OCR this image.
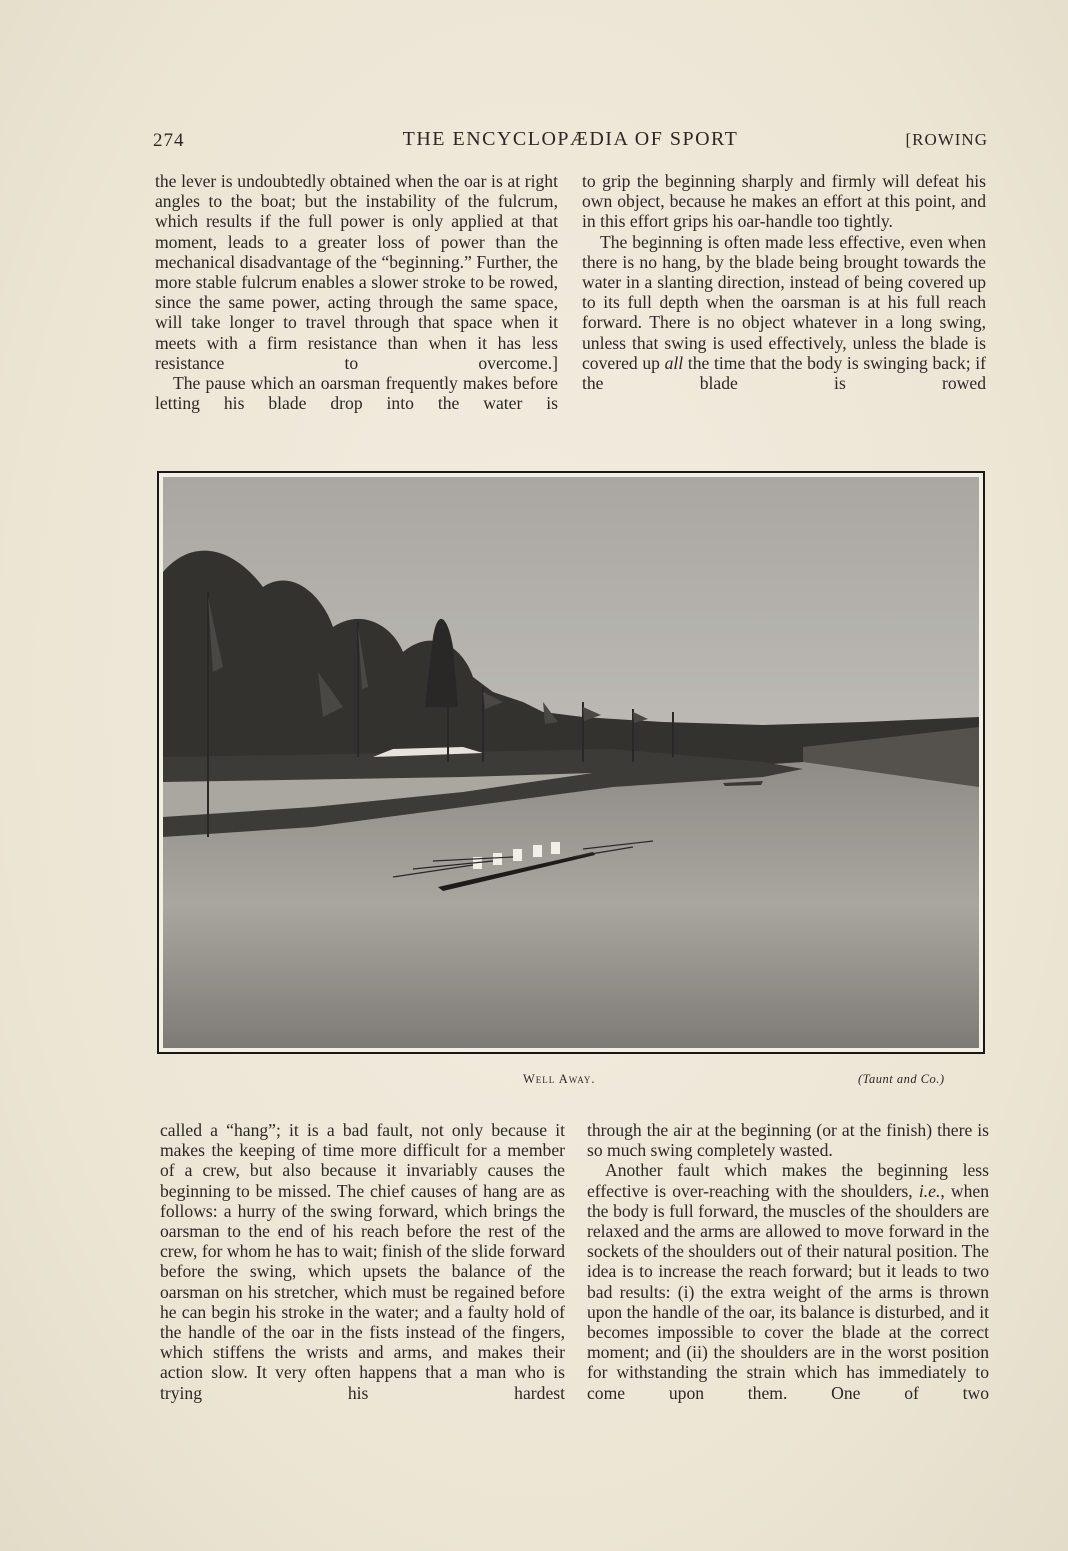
274	THE ENCYCLOPÆDIA OF SPORT	[ROWING

the lever is undoubtedly obtained when the oar is at right angles to the boat; but the instability of the fulcrum, which results if the full power is only applied at that moment, leads to a greater loss of power than the mechanical disadvantage of the “beginning.” Further, the more stable fulcrum enables a slower stroke to be rowed, since the same power, acting through the same space, will take longer to travel through that space when it meets with a firm resistance than when it has less resistance to overcome.]

The pause which an oarsman frequently makes before letting his blade drop into the water is

to grip the beginning sharply and firmly will defeat his own object, because he makes an effort at this point, and in this effort grips his oar-handle too tightly.

The beginning is often made less effective, even when there is no hang, by the blade being brought towards the water in a slanting direction, instead of being covered up to its full depth when the oarsman is at his full reach forward. There is no object whatever in a long swing, unless that swing is used effectively, unless the blade is covered up all the time that the body is swinging back; if the blade is rowed

Well Away.	(Taunt and Co.)

called a “hang”; it is a bad fault, not only because it makes the keeping of time more difficult for a member of a crew, but also because it invariably causes the beginning to be missed. The chief causes of hang are as follows: a hurry of the swing forward, which brings the oarsman to the end of his reach before the rest of the crew, for whom he has to wait; finish of the slide forward before the swing, which upsets the balance of the oarsman on his stretcher, which must be regained before he can begin his stroke in the water; and a faulty hold of the handle of the oar in the fists instead of the fingers, which stiffens the wrists and arms, and makes their action slow. It very often happens that a man who is trying his hardest

through the air at the beginning (or at the finish) there is so much swing completely wasted.

Another fault which makes the beginning less effective is over-reaching with the shoulders, i.e., when the body is full forward, the muscles of the shoulders are relaxed and the arms are allowed to move forward in the sockets of the shoulders out of their natural position. The idea is to increase the reach forward; but it leads to two bad results: (i) the extra weight of the arms is thrown upon the handle of the oar, its balance is disturbed, and it becomes impossible to cover the blade at the correct moment; and (ii) the shoulders are in the worst position for withstanding the strain which has immediately to come upon them. One of two
